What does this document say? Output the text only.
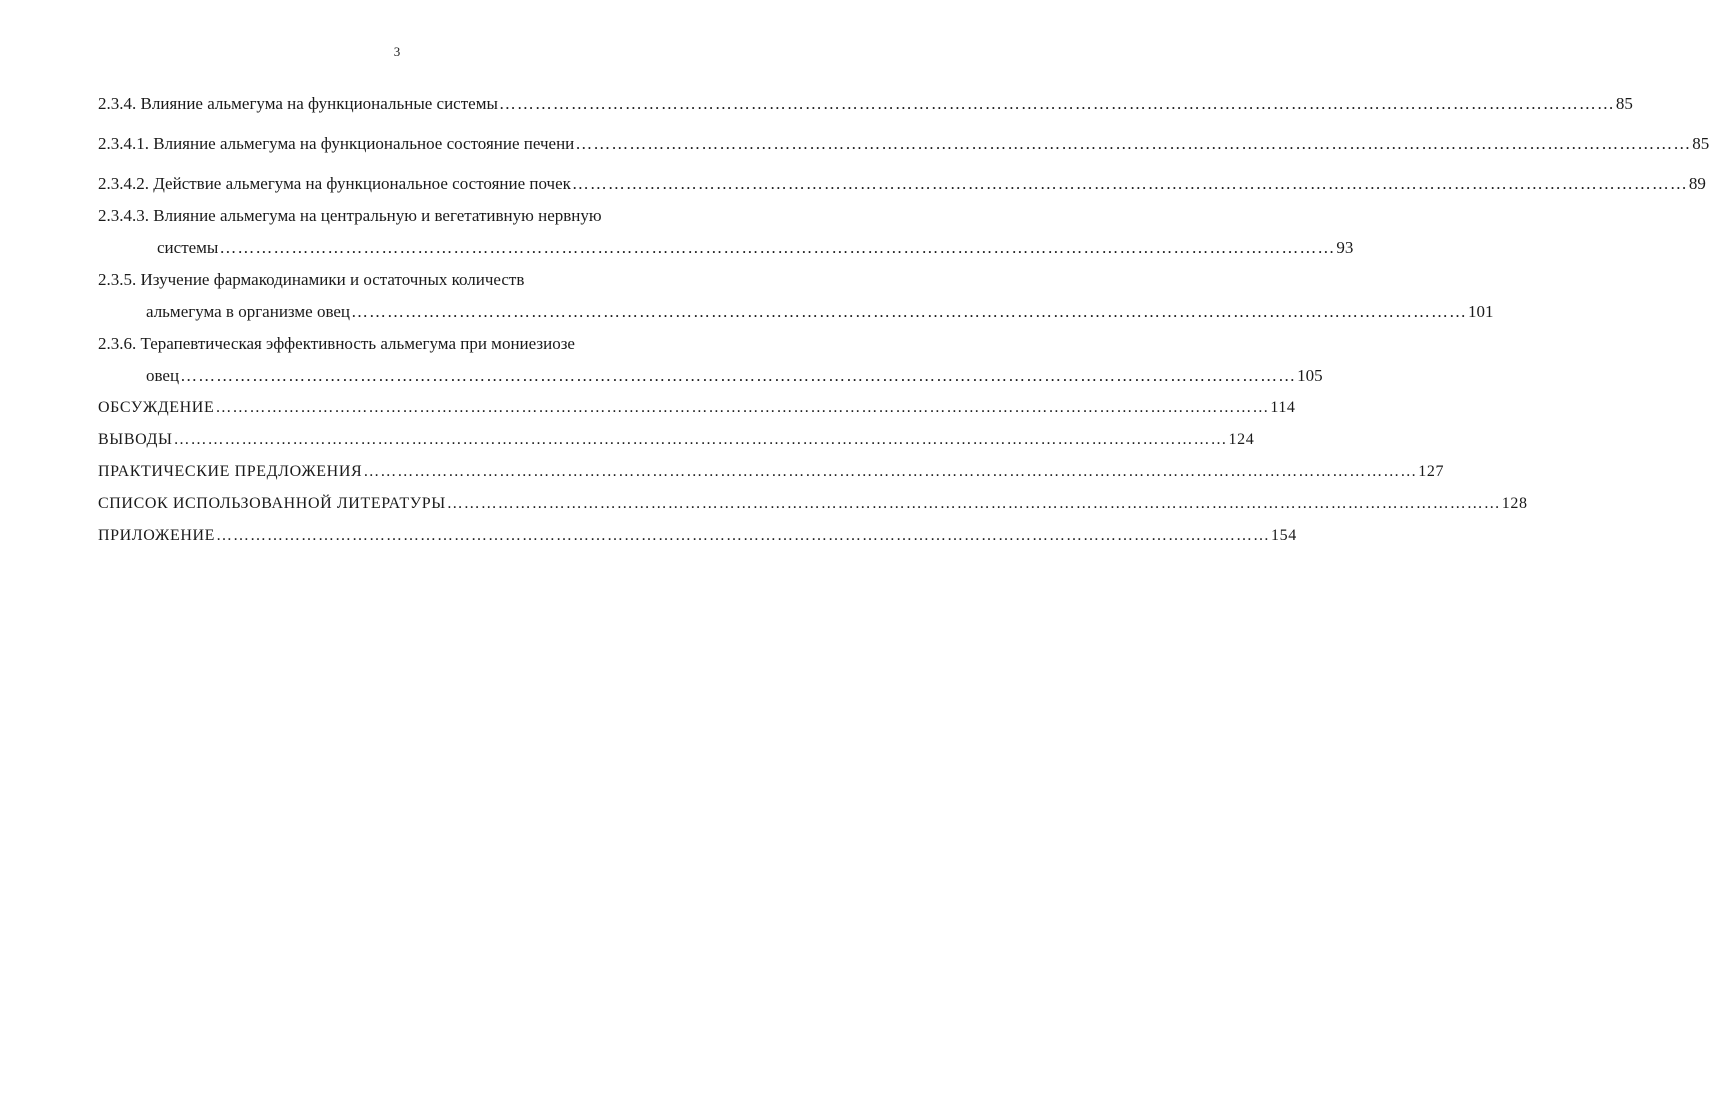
3
2.3.4. Влияние альмегума на функциональные системы …………………………………………………………………………………………………………………………………………………………………… 85
2.3.4.1. Влияние альмегума на функциональное состояние печени …………………………………………………………………………………………………………………………………………………………………… 85
2.3.4.2. Действие альмегума на функциональное состояние почек …………………………………………………………………………………………………………………………………………………………………… 89
2.3.4.3. Влияние альмегума на центральную и вегетативную нервную
системы …………………………………………………………………………………………………………………………………………………………………… 93
2.3.5. Изучение фармакодинамики и остаточных количеств
альмегума в организме овец …………………………………………………………………………………………………………………………………………………………………… 101
2.3.6. Терапевтическая эффективность альмегума при мониезиозе
овец …………………………………………………………………………………………………………………………………………………………………… 105
ОБСУЖДЕНИЕ …………………………………………………………………………………………………………………………………………………………………… 114
ВЫВОДЫ …………………………………………………………………………………………………………………………………………………………………… 124
ПРАКТИЧЕСКИЕ ПРЕДЛОЖЕНИЯ …………………………………………………………………………………………………………………………………………………………………… 127
СПИСОК ИСПОЛЬЗОВАННОЙ ЛИТЕРАТУРЫ …………………………………………………………………………………………………………………………………………………………………… 128
ПРИЛОЖЕНИЕ …………………………………………………………………………………………………………………………………………………………………… 154
